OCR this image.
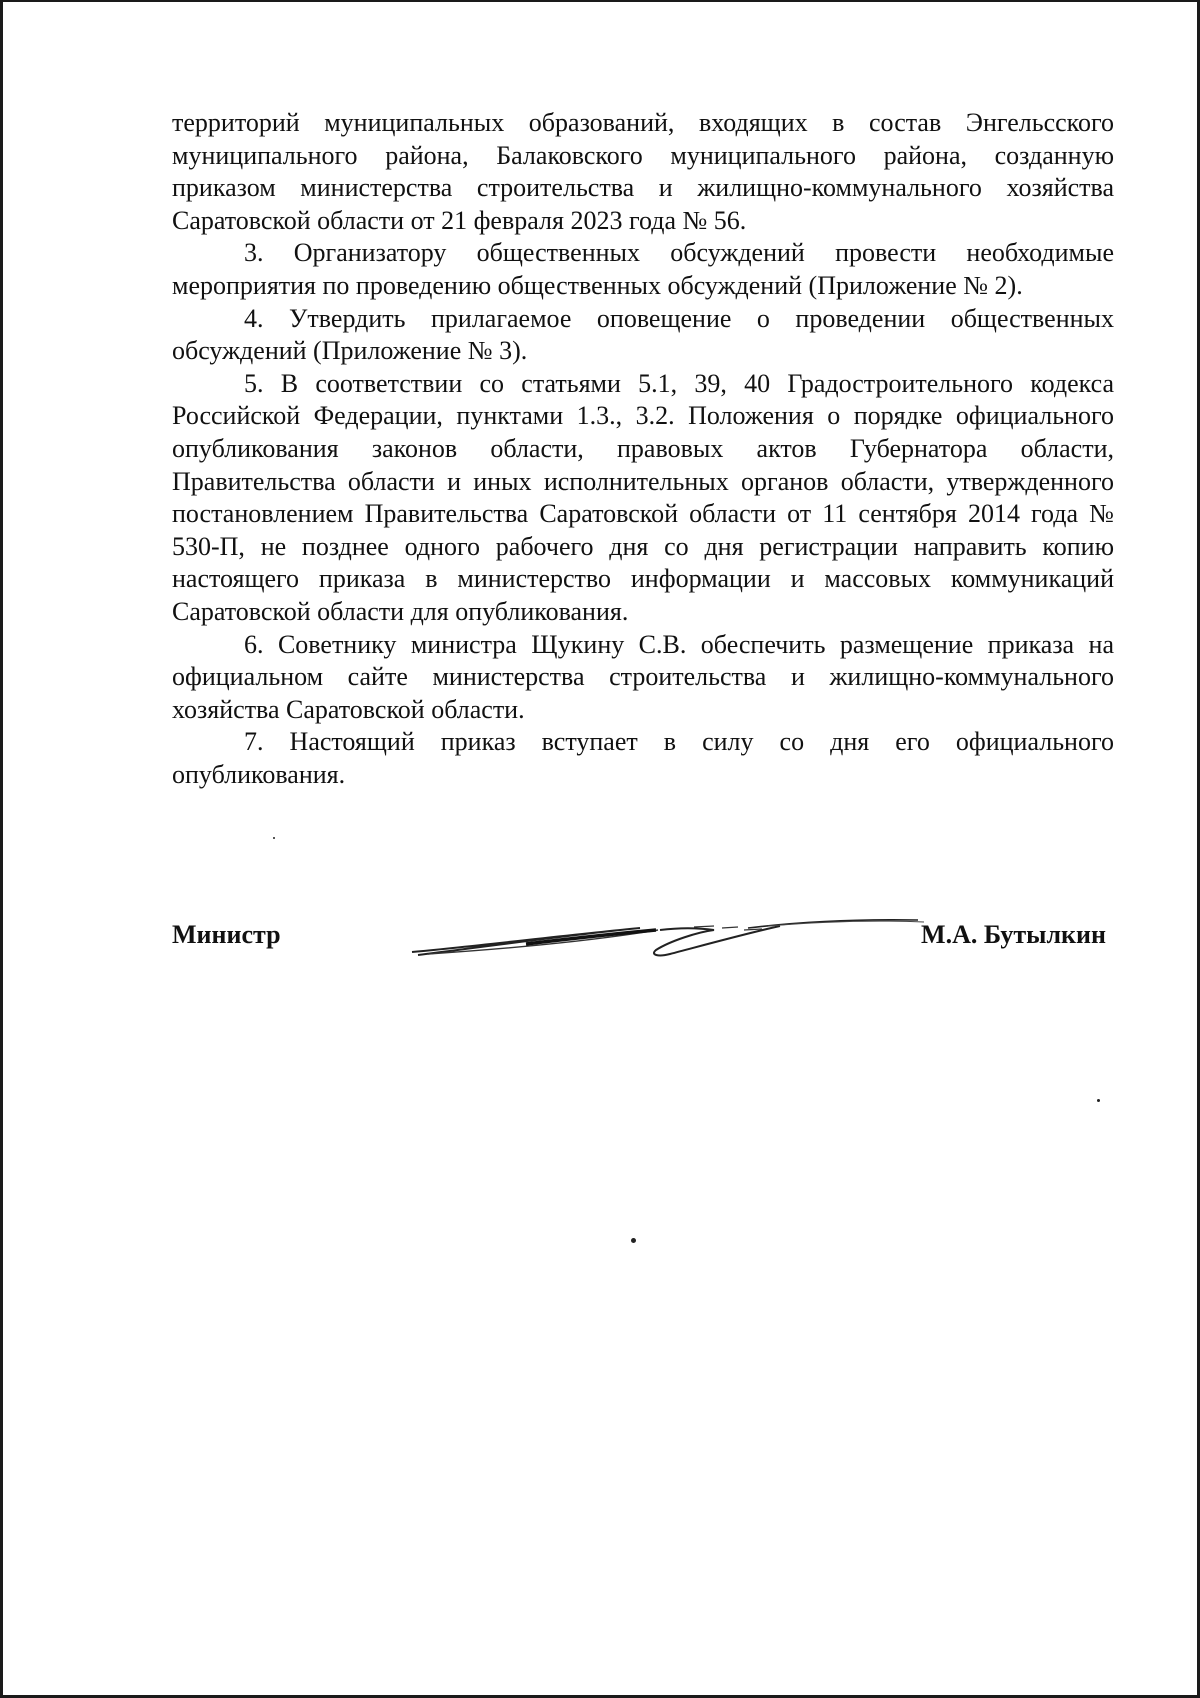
территорий муниципальных образований, входящих в состав Энгельсского муниципального района, Балаковского муниципального района, созданную приказом министерства строительства и жилищно-коммунального хозяйства Саратовской области от 21 февраля 2023 года № 56.

3. Организатору общественных обсуждений провести необходимые мероприятия по проведению общественных обсуждений (Приложение № 2).

4. Утвердить прилагаемое оповещение о проведении общественных обсуждений (Приложение № 3).

5. В соответствии со статьями 5.1, 39, 40 Градостроительного кодекса Российской Федерации, пунктами 1.3., 3.2. Положения о порядке официального опубликования законов области, правовых актов Губернатора области, Правительства области и иных исполнительных органов области, утвержденного постановлением Правительства Саратовской области от 11 сентября 2014 года № 530-П, не позднее одного рабочего дня со дня регистрации направить копию настоящего приказа в министерство информации и массовых коммуникаций Саратовской области для опубликования.

6. Советнику министра Щукину С.В. обеспечить размещение приказа на официальном сайте министерства строительства и жилищно-коммунального хозяйства Саратовской области.

7. Настоящий приказ вступает в силу со дня его официального опубликования.

Министр	М.А. Бутылкин
